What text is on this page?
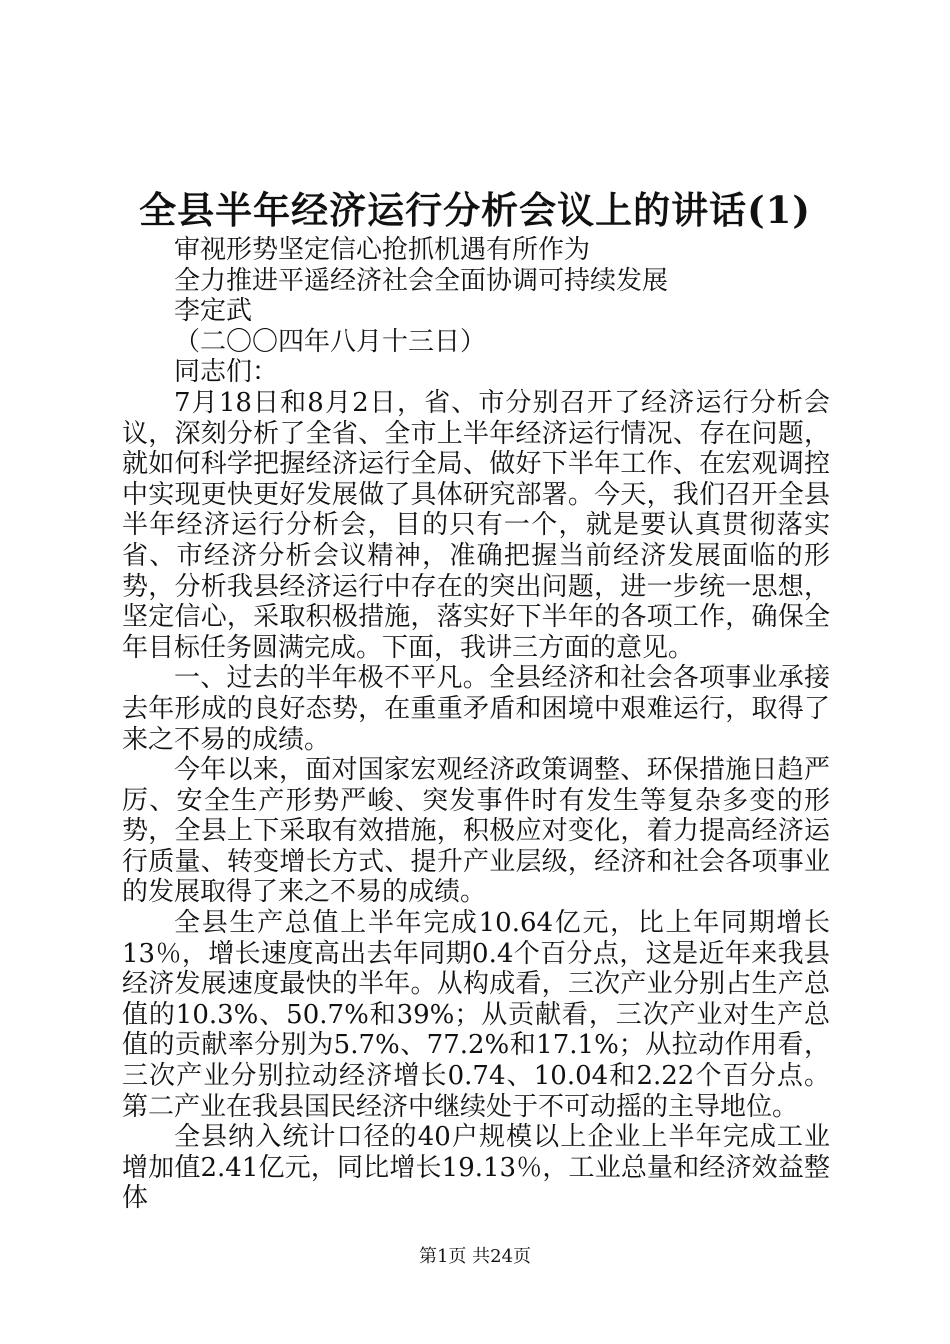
全县半年经济运行分析会议上的讲话(1)

审视形势坚定信心抢抓机遇有所作为

全力推进平遥经济社会全面协调可持续发展

李定武

（二〇〇四年八月十三日）

同志们：

7月18日和8月2日，省、市分别召开了经济运行分析会议，深刻分析了全省、全市上半年经济运行情况、存在问题，就如何科学把握经济运行全局、做好下半年工作、在宏观调控中实现更快更好发展做了具体研究部署。今天，我们召开全县半年经济运行分析会，目的只有一个，就是要认真贯彻落实省、市经济分析会议精神，准确把握当前经济发展面临的形势，分析我县经济运行中存在的突出问题，进一步统一思想，坚定信心，采取积极措施，落实好下半年的各项工作，确保全年目标任务圆满完成。下面，我讲三方面的意见。

一、过去的半年极不平凡。全县经济和社会各项事业承接去年形成的良好态势，在重重矛盾和困境中艰难运行，取得了来之不易的成绩。

今年以来，面对国家宏观经济政策调整、环保措施日趋严厉、安全生产形势严峻、突发事件时有发生等复杂多变的形势，全县上下采取有效措施，积极应对变化，着力提高经济运行质量、转变增长方式、提升产业层级，经济和社会各项事业的发展取得了来之不易的成绩。

全县生产总值上半年完成10.64亿元，比上年同期增长13％，增长速度高出去年同期0.4个百分点，这是近年来我县经济发展速度最快的半年。从构成看，三次产业分别占生产总值的10.3%、50.7%和39%；从贡献看，三次产业对生产总值的贡献率分别为5.7%、77.2%和17.1%；从拉动作用看，三次产业分别拉动经济增长0.74、10.04和2.22个百分点。第二产业在我县国民经济中继续处于不可动摇的主导地位。

全县纳入统计口径的40户规模以上企业上半年完成工业增加值2.41亿元，同比增长19.13％，工业总量和经济效益整体

第1页 共24页
